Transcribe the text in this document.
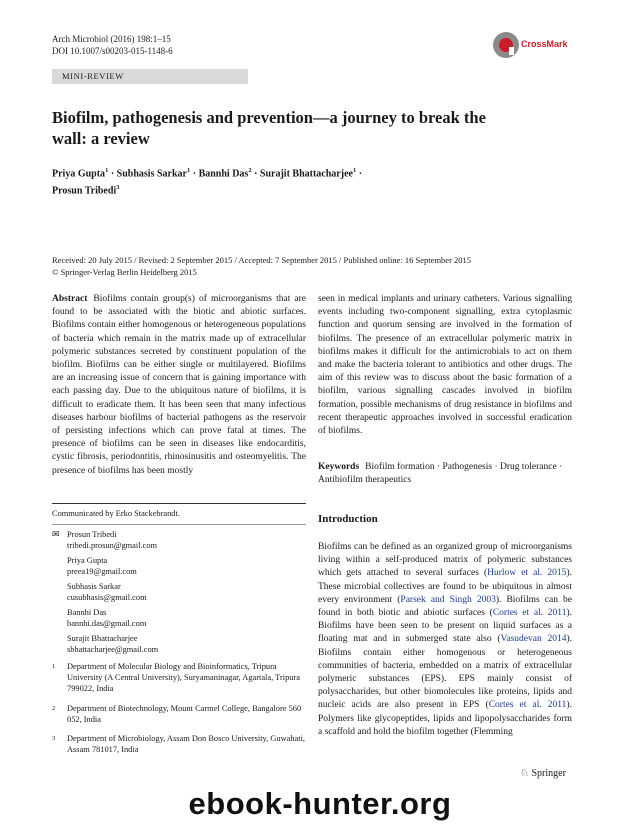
Arch Microbiol (2016) 198:1–15
DOI 10.1007/s00203-015-1148-6
CrossMark
MINI-REVIEW
Biofilm, pathogenesis and prevention—a journey to break the wall: a review
Priya Gupta$^1$ · Subhasis Sarkar$^1$ · Bannhi Das$^2$ · Surajit Bhattacharjee$^1$ ·
Prosun Tribedi$^3$
Received: 20 July 2015 / Revised: 2 September 2015 / Accepted: 7 September 2015 / Published online: 16 September 2015
© Springer-Verlag Berlin Heidelberg 2015
Abstract Biofilms contain group(s) of microorganisms that are found to be associated with the biotic and abiotic surfaces. Biofilms contain either homogenous or heterogeneous populations of bacteria which remain in the matrix made up of extracellular polymeric substances secreted by constituent population of the biofilm. Biofilms can be either single or multilayered. Biofilms are an increasing issue of concern that is gaining importance with each passing day. Due to the ubiquitous nature of biofilms, it is difficult to eradicate them. It has been seen that many infectious diseases harbour biofilms of bacterial pathogens as the reservoir of persisting infections which can prove fatal at times. The presence of biofilms can be seen in diseases like endocarditis, cystic fibrosis, periodontitis, rhinosinusitis and osteomyelitis. The presence of biofilms has been mostly
seen in medical implants and urinary catheters. Various signalling events including two-component signalling, extra cytoplasmic function and quorum sensing are involved in the formation of biofilms. The presence of an extracellular polymeric matrix in biofilms makes it difficult for the antimicrobials to act on them and make the bacteria tolerant to antibiotics and other drugs. The aim of this review was to discuss about the basic formation of a biofilm, various signalling cascades involved in biofilm formation, possible mechanisms of drug resistance in biofilms and recent therapeutic approaches involved in successful eradication of biofilms.
Keywords Biofilm formation · Pathogenesis · Drug tolerance · Antibiofilm therapeutics
Communicated by Erko Stackebrandt.
✉ Prosun Tribedi
tribedi.prosun@gmail.com
Priya Gupta
preea19@gmail.com
Subhasis Sarkar
cusubhasis@gmail.com
Bannhi Das
bannhi.das@gmail.com
Surajit Bhattacharjee
sbhattacharjee@gmail.com
1 Department of Molecular Biology and Bioinformatics, Tripura University (A Central University), Suryamaninagar, Agartala, Tripura 799022, India
2 Department of Biotechnology, Mount Carmel College, Bangalore 560 052, India
3 Department of Microbiology, Assam Don Bosco University, Guwahati, Assam 781017, India
Introduction
Biofilms can be defined as an organized group of microorganisms living within a self-produced matrix of polymeric substances which gets attached to several surfaces (Hurlow et al. 2015). These microbial collectives are found to be ubiquitous in almost every environment (Parsek and Singh 2003). Biofilms can be found in both biotic and abiotic surfaces (Cortes et al. 2011). Biofilms have been seen to be present on liquid surfaces as a floating mat and in submerged state also (Vasudevan 2014). Biofilms contain either homogenous or heterogeneous communities of bacteria, embedded on a matrix of extracellular polymeric substances (EPS). EPS mainly consist of polysaccharides, but other biomolecules like proteins, lipids and nucleic acids are also present in EPS (Cortes et al. 2011). Polymers like glycopeptides, lipids and lipopolysaccharides form a scaffold and hold the biofilm together (Flemming
♘ Springer
ebook-hunter.org
